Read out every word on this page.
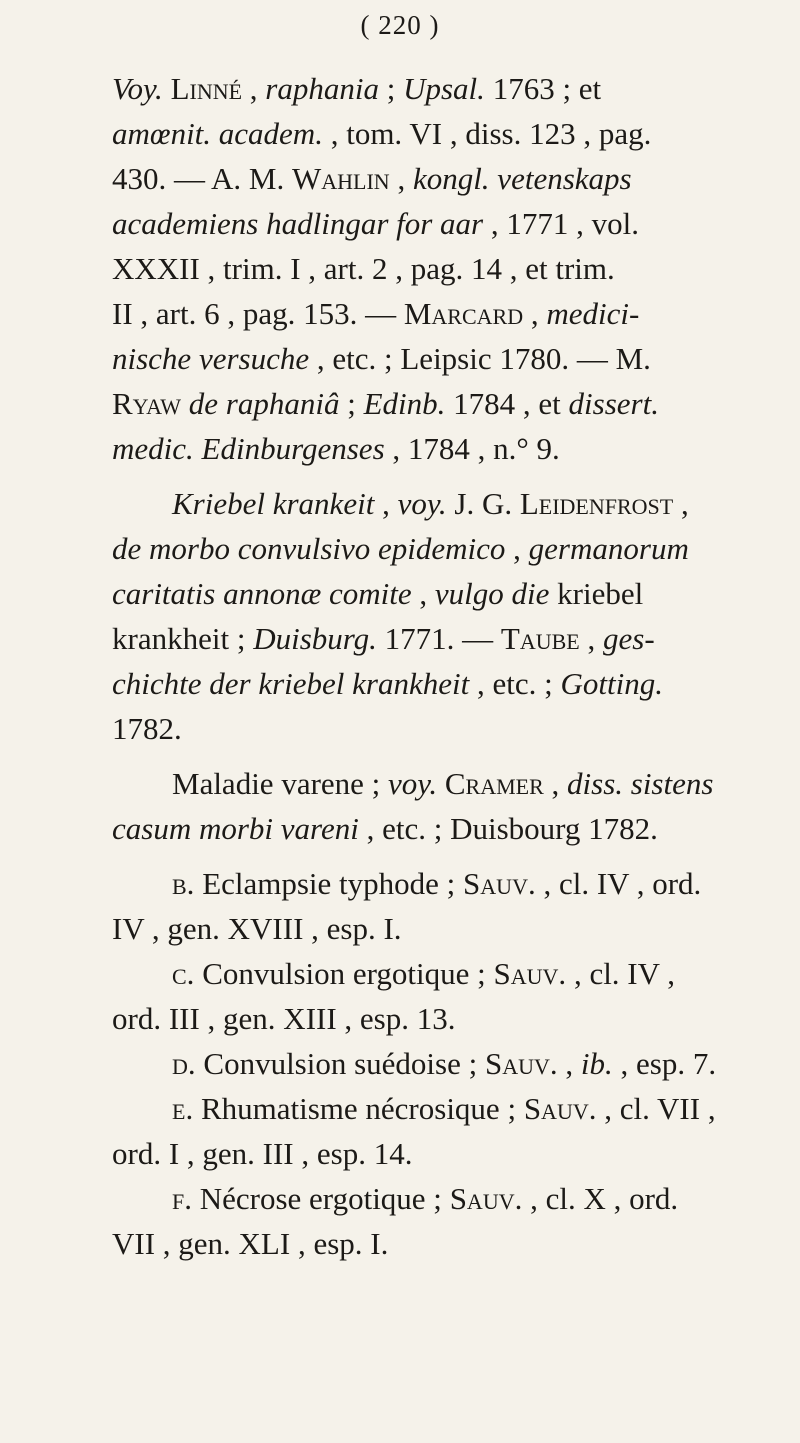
( 220 )

Voy. Linné , raphania ; Upsal. 1763 ; et
amœnit. academ. , tom. VI , diss. 123 , pag.
430. — A. M. Wahlin , kongl. vetenskaps
academiens hadlingar for aar , 1771 , vol.
XXXII , trim. I , art. 2 , pag. 14 , et trim.
II , art. 6 , pag. 153. — Marcard , medici-
nische versuche , etc. ; Leipsic 1780. — M.
Ryaw de raphaniâ ; Edinb. 1784 , et dissert.
medic. Edinburgenses , 1784 , n.° 9.

Kriebel krankeit , voy. J. G. Leidenfrost ,
de morbo convulsivo epidemico , germanorum
caritatis annonæ comite , vulgo die kriebel
krankheit ; Duisburg. 1771. — Taube , ges-
chichte der kriebel krankheit , etc. ; Gotting.
1782.

Maladie varene ; voy. Cramer , diss. sistens
casum morbi vareni , etc. ; Duisbourg 1782.

b. Eclampsie typhode ; Sauv. , cl. IV , ord.
IV , gen. XVIII , esp. I.
c. Convulsion ergotique ; Sauv. , cl. IV ,
ord. III , gen. XIII , esp. 13.
d. Convulsion suédoise ; Sauv. , ib. , esp. 7.
e. Rhumatisme nécrosique ; Sauv. , cl. VII ,
ord. I , gen. III , esp. 14.
f. Nécrose ergotique ; Sauv. , cl. X , ord.
VII , gen. XLI , esp. I.
